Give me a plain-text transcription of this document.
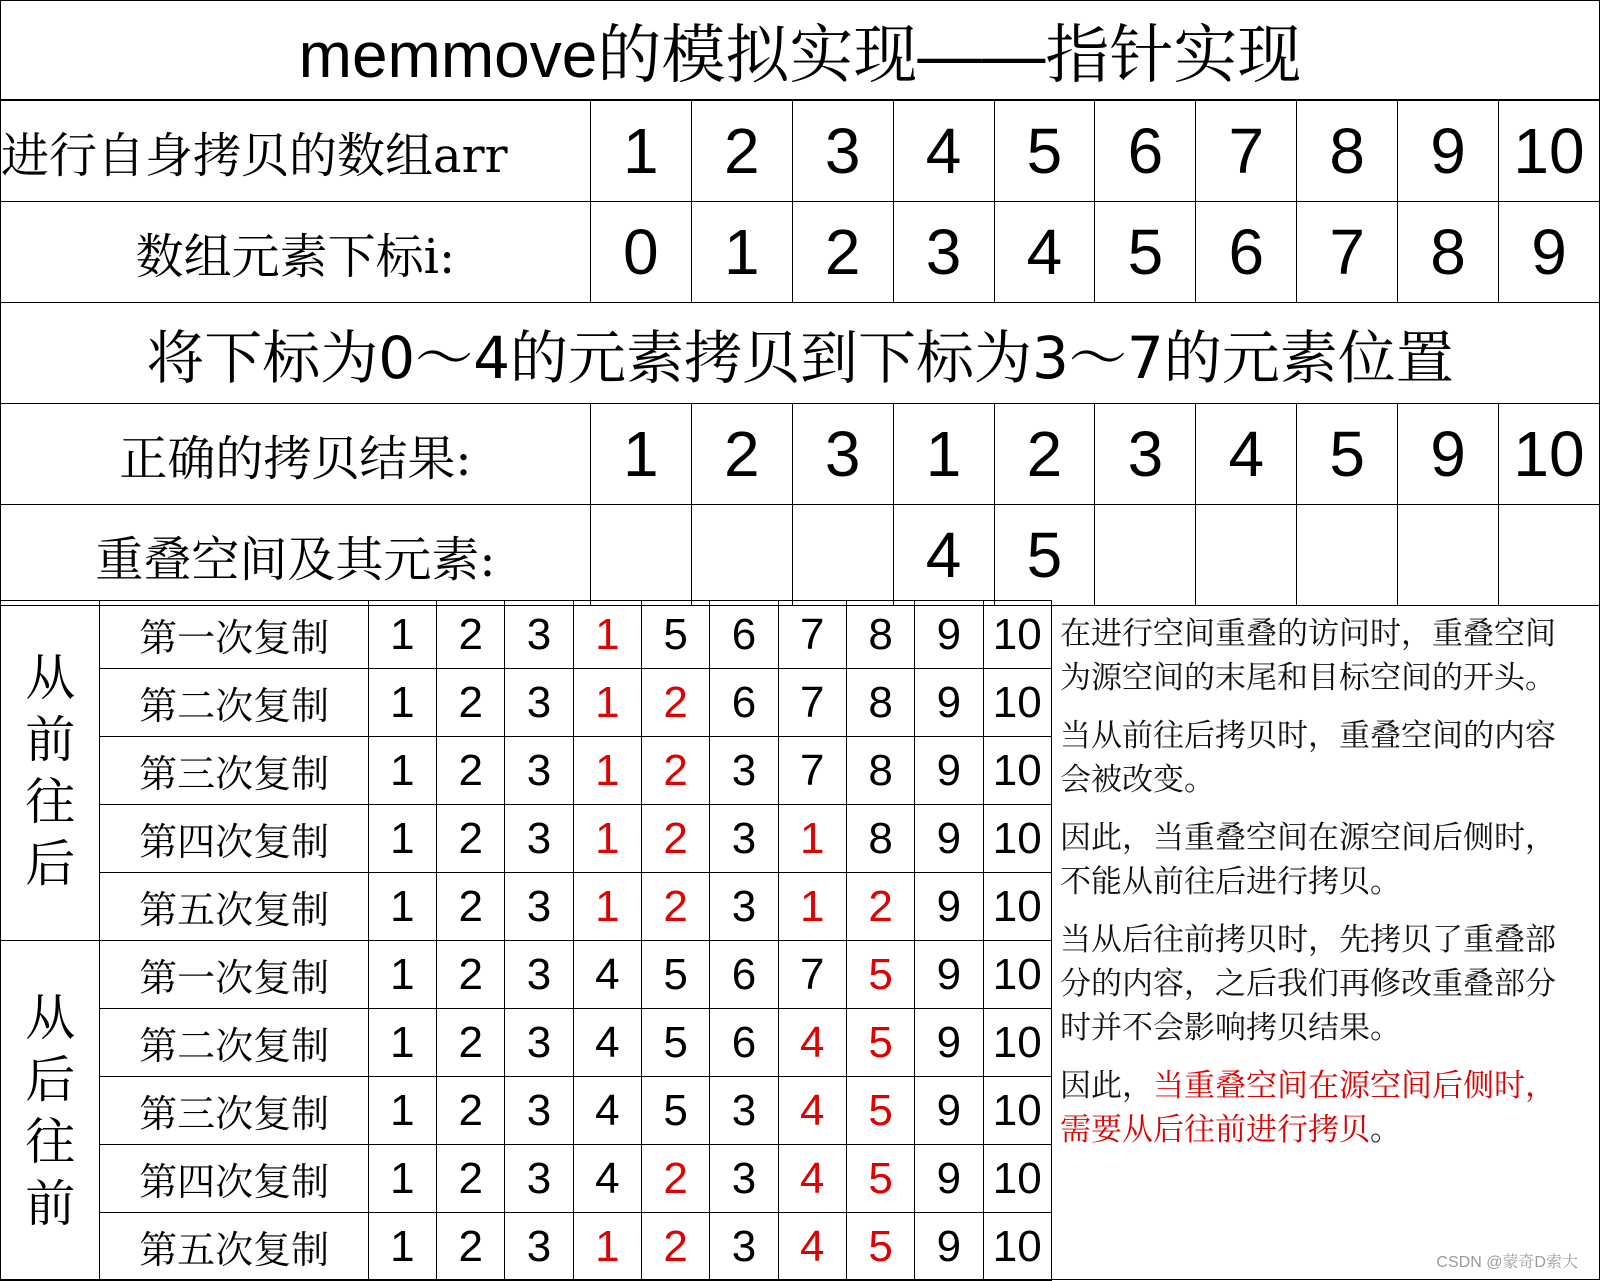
memmove的模拟实现——指针实现
进行自身拷贝的数组arr	1	2	3	4	5	6	7	8	9	10
数组元素下标i:	0	1	2	3	4	5	6	7	8	9
将下标为0～4的元素拷贝到下标为3～7的元素位置										
正确的拷贝结果:	1	2	3	1	2	3	4	5	9	10
重叠空间及其元素:				4	5					
从
前
往
后	第一次复制	1	2	3	1	5	6	7	8	9	10
	第二次复制	1	2	3	1	2	6	7	8	9	10
	第三次复制	1	2	3	1	2	3	7	8	9	10
	第四次复制	1	2	3	1	2	3	1	8	9	10
	第五次复制	1	2	3	1	2	3	1	2	9	10

从
后
往
前	第一次复制	1	2	3	4	5	6	7	5	9	10
	第二次复制	1	2	3	4	5	6	4	5	9	10
	第三次复制	1	2	3	4	5	3	4	5	9	10
	第四次复制	1	2	3	4	2	3	4	5	9	10
	第五次复制	1	2	3	1	2	3	4	5	9	10

在进行空间重叠的访问时，重叠空间为源空间的末尾和目标空间的开头。

当从前往后拷贝时，重叠空间的内容会被改变。

因此，当重叠空间在源空间后侧时，不能从前往后进行拷贝。

当从后往前拷贝时，先拷贝了重叠部分的内容，之后我们再修改重叠部分时并不会影响拷贝结果。

因此，当重叠空间在源空间后侧时，需要从后往前进行拷贝。

CSDN @蒙奇D索大
